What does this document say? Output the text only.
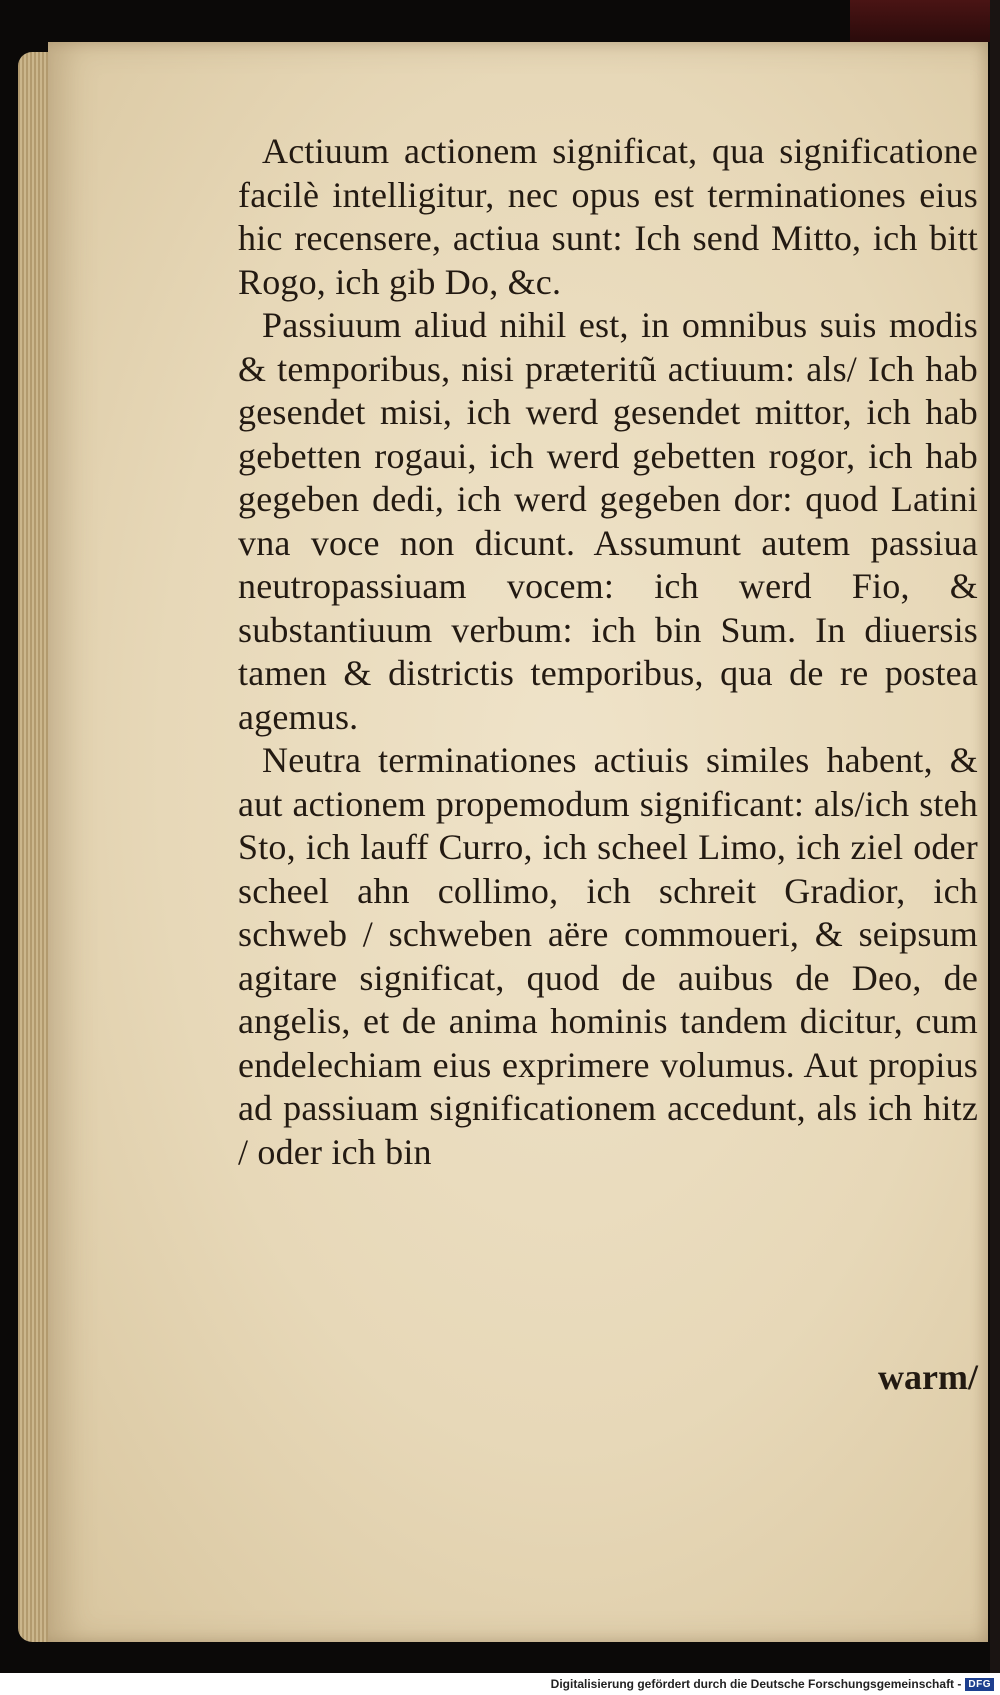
Actiuum actionem significat, qua significatione facilè intelligitur, nec opus est terminationes eius hic recensere, actiua sunt: Ich send Mitto, ich bitt Rogo, ich gib Do, &c.

Passiuum aliud nihil est, in omnibus suis modis & temporibus, nisi præteritũ actiuum: als/ Ich hab gesendet misi, ich werd gesendet mittor, ich hab gebetten rogaui, ich werd gebetten rogor, ich hab gegeben dedi, ich werd gegeben dor: quod Latini vna voce non dicunt. Assumunt autem passiua neutropassiuam vocem: ich werd Fio, & substantiuum verbum: ich bin Sum. In diuersis tamen & districtis temporibus, qua de re postea agemus.

Neutra terminationes actiuis similes habent, & aut actionem propemodum significant: als/ich steh Sto, ich lauff Curro, ich scheel Limo, ich ziel oder scheel ahn collimo, ich schreit Gradior, ich schweb / schweben aëre commoueri, & seipsum agitare significat, quod de auibus de Deo, de angelis, et de anima hominis tandem dicitur, cum endelechiam eius exprimere volumus. Aut propius ad passiuam significationem accedunt, als ich hitz / oder ich bin

warm/
Digitalisierung gefördert durch die Deutsche Forschungsgemeinschaft - DFG
